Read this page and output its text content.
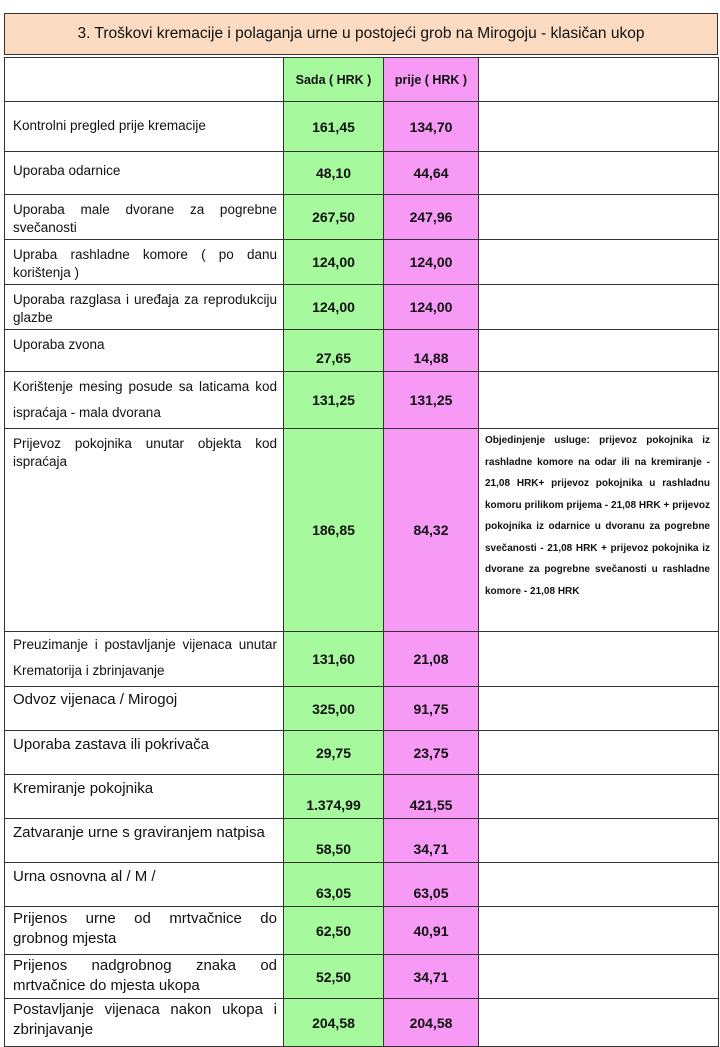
3. Troškovi kremacije i polaganja urne u postojeći grob na Mirogoju - klasičan ukop
	Sada ( HRK )	prije ( HRK )	
Kontrolni pregled prije kremacije	161,45	134,70	
Uporaba odarnice	48,10	44,64	
Uporaba male dvorane za pogrebne svečanosti	267,50	247,96	
Upraba rashladne komore ( po danu korištenja )	124,00	124,00	
Uporaba razglasa i uređaja za reprodukciju glazbe	124,00	124,00	
Uporaba zvona	27,65	14,88	
Korištenje mesing posude sa laticama kod ispraćaja - mala dvorana	131,25	131,25	
Prijevoz pokojnika unutar objekta kod ispraćaja	186,85	84,32	Objedinjenje usluge: prijevoz pokojnika iz rashladne komore na odar ili na kremiranje - 21,08 HRK+ prijevoz pokojnika u rashladnu komoru prilikom prijema - 21,08 HRK + prijevoz pokojnika iz odarnice u dvoranu za pogrebne svečanosti - 21,08 HRK + prijevoz pokojnika iz dvorane za pogrebne svečanosti u rashladne komore - 21,08 HRK

Preuzimanje i postavljanje vijenaca unutar Krematorija i zbrinjavanje	131,60	21,08	
Odvoz vijenaca / Mirogoj	325,00	91,75	
Uporaba zastava ili pokrivača	29,75	23,75	
Kremiranje pokojnika	1.374,99	421,55	
Zatvaranje urne s graviranjem natpisa	58,50	34,71	
Urna osnovna al / M /	63,05	63,05	
Prijenos urne od mrtvačnice do grobnog mjesta	62,50	40,91	
Prijenos nadgrobnog znaka od mrtvačnice do mjesta ukopa	52,50	34,71	
Postavljanje vijenaca nakon ukopa i zbrinjavanje	204,58	204,58	
